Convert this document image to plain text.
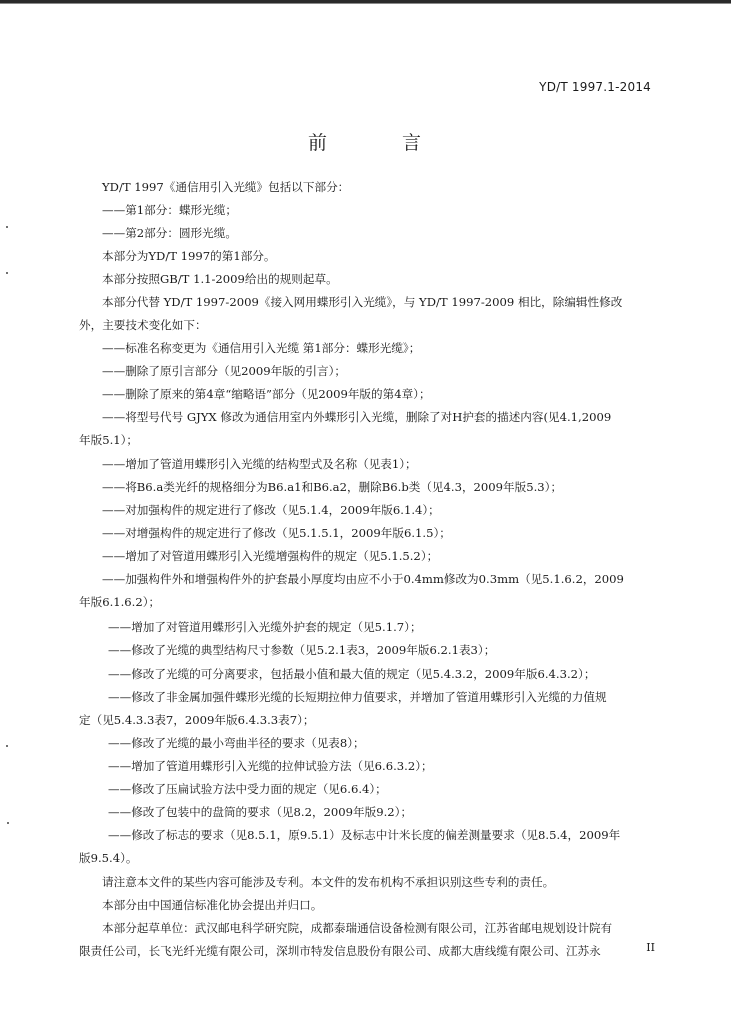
YD/T 1997.1-2014
前　言

YD/T 1997《通信用引入光缆》包括以下部分：

——第1部分：蝶形光缆；

——第2部分：圆形光缆。

本部分为YD/T 1997的第1部分。

本部分按照GB/T 1.1-2009给出的规则起草。

本部分代替 YD/T 1997-2009《接入网用蝶形引入光缆》，与 YD/T 1997-2009 相比，除编辑性修改

外，主要技术变化如下：

——标准名称变更为《通信用引入光缆 第1部分：蝶形光缆》；

——删除了原引言部分（见2009年版的引言）；

——删除了原来的第4章“缩略语”部分（见2009年版的第4章）；

——将型号代号 GJYX 修改为通信用室内外蝶形引入光缆，删除了对H护套的描述内容(见4.1,2009

年版5.1）；

——增加了管道用蝶形引入光缆的结构型式及名称（见表1）；

——将B6.a类光纤的规格细分为B6.a1和B6.a2，删除B6.b类（见4.3，2009年版5.3）；

——对加强构件的规定进行了修改（见5.1.4，2009年版6.1.4）；

——对增强构件的规定进行了修改（见5.1.5.1，2009年版6.1.5）；

——增加了对管道用蝶形引入光缆增强构件的规定（见5.1.5.2）；

——加强构件外和增强构件外的护套最小厚度均由应不小于0.4mm修改为0.3mm（见5.1.6.2，2009

年版6.1.6.2）；

——增加了对管道用蝶形引入光缆外护套的规定（见5.1.7）；

——修改了光缆的典型结构尺寸参数（见5.2.1表3，2009年版6.2.1表3）；

——修改了光缆的可分离要求，包括最小值和最大值的规定（见5.4.3.2，2009年版6.4.3.2）；

——修改了非金属加强件蝶形光缆的长短期拉伸力值要求，并增加了管道用蝶形引入光缆的力值规

定（见5.4.3.3表7，2009年版6.4.3.3表7）；

——修改了光缆的最小弯曲半径的要求（见表8）；

——增加了管道用蝶形引入光缆的拉伸试验方法（见6.6.3.2）；

——修改了压扁试验方法中受力面的规定（见6.6.4）；

——修改了包装中的盘筒的要求（见8.2，2009年版9.2）；

——修改了标志的要求（见8.5.1，原9.5.1）及标志中计米长度的偏差测量要求（见8.5.4，2009年

版9.5.4）。

请注意本文件的某些内容可能涉及专利。本文件的发布机构不承担识别这些专利的责任。

本部分由中国通信标准化协会提出并归口。

本部分起草单位：武汉邮电科学研究院，成都泰瑞通信设备检测有限公司，江苏省邮电规划设计院有

限责任公司，长飞光纤光缆有限公司，深圳市特发信息股份有限公司、成都大唐线缆有限公司、江苏永	II
